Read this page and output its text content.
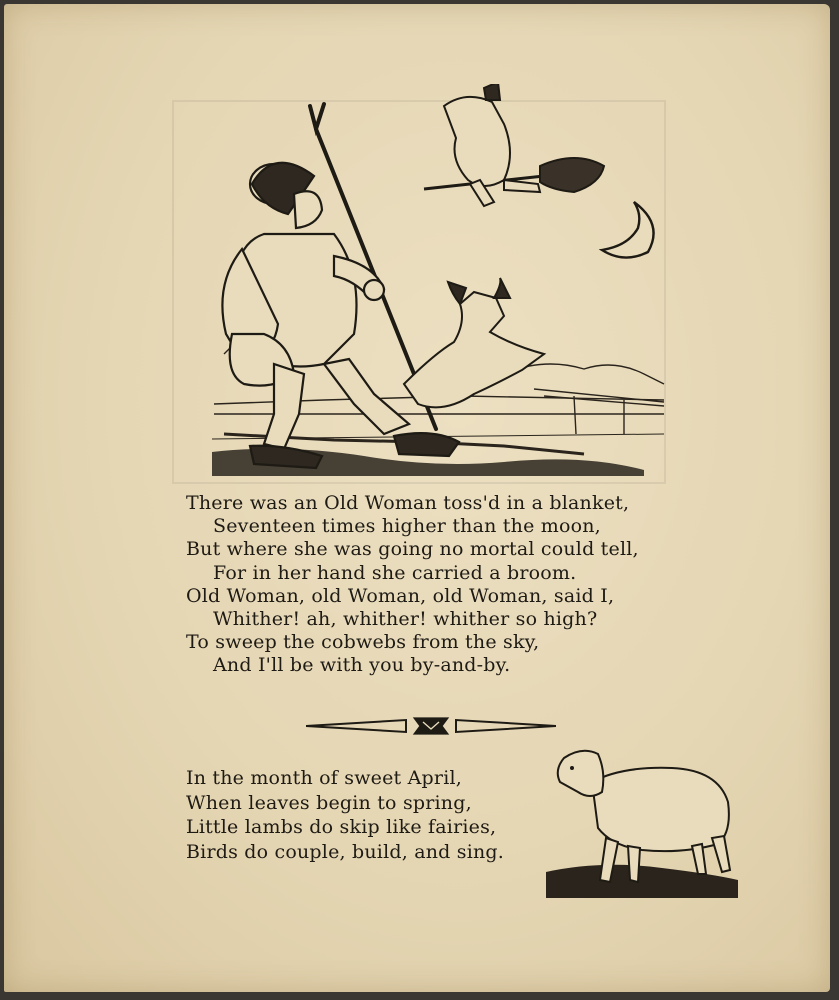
There was an Old Woman toss'd in a blanket,
Seventeen times higher than the moon,
But where she was going no mortal could tell,
For in her hand she carried a broom.
Old Woman, old Woman, old Woman, said I,
Whither! ah, whither! whither so high?
To sweep the cobwebs from the sky,
And I'll be with you by-and-by.
In the month of sweet April,
When leaves begin to spring,
Little lambs do skip like fairies,
Birds do couple, build, and sing.
